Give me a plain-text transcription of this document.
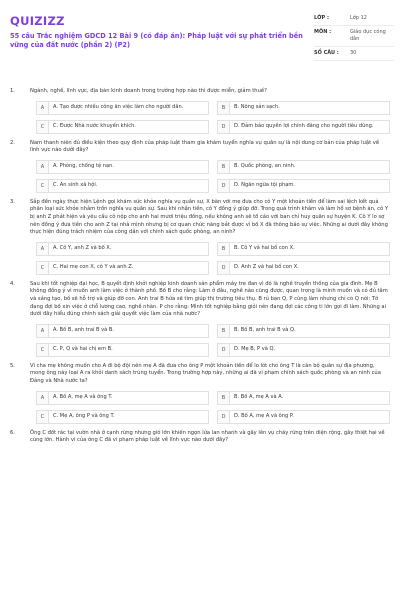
QUIZIZZ
55 câu Trắc nghiệm GDCD 12 Bài 9 (có đáp án): Pháp luật với sự phát triển bền vững của đất nước (phần 2) (P2)
LỚP :	Lớp 12
MÔN :	Giáo dục công dân
SỐ CÂU :	30
1.	Ngành, nghề, lĩnh vực, địa bàn kinh doanh trong trường hợp nào thì được miễn, giảm thuế?
A	A. Tạo được nhiều công ăn việc làm cho người dân.	B	B. Nông sản sạch.
C	C. Được Nhà nước khuyến khích.	D	D. Đảm bảo quyền lợi chính đáng cho người tiêu dùng.
2.	Nam thanh niên đủ điều kiện theo quy định của pháp luật tham gia khám tuyển nghĩa vụ quân sự là nội dung cơ bản của pháp luật về lĩnh vực nào dưới đây?
A	A. Phòng, chống tệ nạn.	B	B. Quốc phòng, an ninh.
C	C. An sinh xã hội.	D	D. Ngăn ngừa tội phạm.
3.	Sắp đến ngày thực hiện Lệnh gọi khám sức khỏe nghĩa vụ quân sự, X bàn với mẹ đưa cho cô Y một khoản tiền để làm sai lệch kết quả phân loại sức khỏe nhằm trốn nghĩa vụ quân sự. Sau khi nhận tiền, cô Y đồng ý giúp đỡ. Trong quá trình khám và làm hồ sơ bệnh án, cô Y bị anh Z phát hiện và yêu cầu cô nộp cho anh hai mươi triệu đồng, nếu không anh sẽ tố cáo với ban chỉ huy quân sự huyện K. Cô Y lo sợ nên đồng ý đưa tiền cho anh Z tại nhà mình nhưng bị cơ quan chức năng bắt được vì bố X đã thông báo sự việc. Những ai dưới đây không thực hiện đúng trách nhiệm của công dân với chính sách quốc phòng, an ninh?
A	A. Cô Y, anh Z và bố X.	B	B. Cô Y và hai bố con X.
C	C. Hai mẹ con X, cô Y và anh Z.	D	D. Anh Z và hai bố con X.
4.	Sau khi tốt nghiệp đại học, B quyết định khởi nghiệp kinh doanh sản phẩm máy tre đan vì đó là nghề truyền thống của gia đình. Mẹ B không đồng ý vì muốn anh làm việc ở thành phố. Bố B cho rằng: Làm ở đâu, nghề nào cũng được, quan trọng là mình muốn và có đủ tâm và sáng tạo, bố sẽ hỗ trợ và giúp đỡ con. Anh trai B hứa sẽ tìm giúp thị trường tiêu thụ. B rủ bạn Q, P cùng làm nhưng chỉ có Q nói: Tớ đang đợi bố xin việc ở chỗ lương cao, nghề nhàn. P cho rằng: Mình tốt nghiệp bằng giỏi nên đang đợi các công ti lớn gọi đi làm. Những ai dưới đây hiểu đúng chính sách giải quyết việc làm của nhà nước?
A	A. Bố B, anh trai B và B.	B	B. Bố B, anh trai B và Q.
C	C. P, Q và hai chị em B.	D	D. Mẹ B, P và Q.
5.	Vì cha mẹ không muốn cho A đi bộ đội nên mẹ A đã đưa cho ông P một khoản tiền để lo lót cho ông T là cán bộ quân sự địa phương, mong ông này loại A ra khỏi danh sách trúng tuyển. Trong trường hợp này, những ai đã vi phạm chính sách quốc phòng và an ninh của Đảng và Nhà nước ta?
A	A. Bố A, mẹ A và ông T.	B	B. Bố A, mẹ A và A.
C	C. Mẹ A, ông P và ông T.	D	D. Bố A, mẹ A và ông P.
6.	Ông C đốt rác tại vườn nhà ở cạnh rừng nhưng gió lớn khiến ngọn lửa lan nhanh và gây lên vụ cháy rừng trên diện rộng, gây thiệt hại về cùng lớn. Hành vi của ông C đã vi phạm pháp luật về lĩnh vực nào dưới đây?
